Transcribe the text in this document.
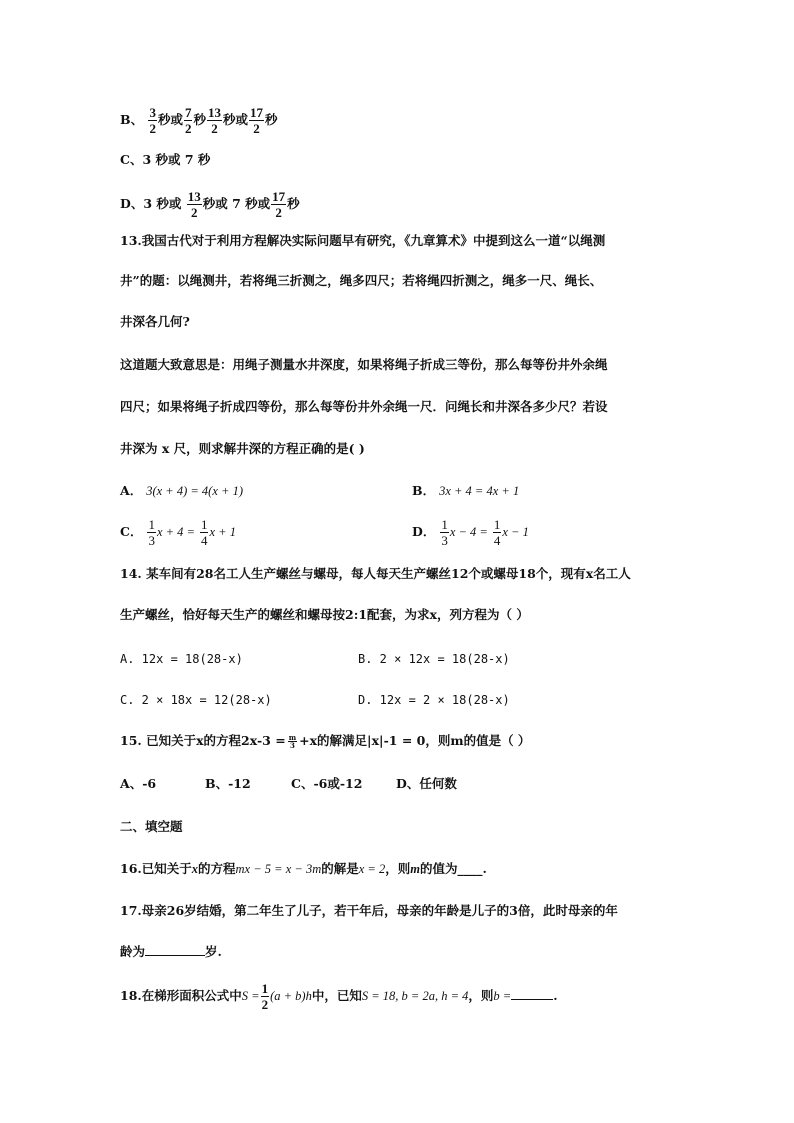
B、 $\frac{3}{2}$ 秒或 $\frac{7}{2}$ 秒 $\frac{13}{2}$ 秒或 $\frac{17}{2}$ 秒
C、3 秒或 7 秒
D、3 秒或 $\frac{13}{2}$ 秒或 7 秒或 $\frac{17}{2}$ 秒
13.我国古代对于利用方程解决实际问题早有研究，《九章算术》中提到这么一道“以绳测
井”的题：以绳测井，若将绳三折测之，绳多四尺；若将绳四折测之，绳多一尺、绳长、
井深各几何?
这道题大致意思是：用绳子测量水井深度，如果将绳子折成三等份，那么每等份井外余绳
四尺；如果将绳子折成四等份，那么每等份井外余绳一尺．问绳长和井深各多少尺？若设
井深为 x 尺，则求解井深的方程正确的是( )
A． 3(x + 4) = 4(x + 1)	B． 3x + 4 = 4x + 1
C． $\frac{1}{3}$ $x + 4 = \frac{1}{4}$ x + 1	D． $\frac{1}{3}$ $x - 4 = \frac{1}{4}$ x − 1
14. 某车间有28名工人生产螺丝与螺母，每人每天生产螺丝12个或螺母18个，现有x名工人
生产螺丝，恰好每天生产的螺丝和螺母按2:1配套，为求x，列方程为（ ）
A. 12x = 18(28-x)	B. 2 × 12x = 18(28-x)
C. 2 × 18x = 12(28-x)	D. 12x = 2 × 18(28-x)
15. 已知关于x的方程$2x-3 = \frac{m}{3} +x$的解满足|x|-1 = 0，则m的值是（ ）
A、-6	B、-12	C、-6或-12	D、任何数
二、填空题
16.已知关于x的方程mx − 5 = x − 3m的解是x = 2，则m的值为____.
17.母亲26岁结婚，第二年生了儿子，若干年后，母亲的年龄是儿子的3倍，此时母亲的年
龄为	岁.
18.在梯形面积公式中$S = \frac{1}{2} (a + b)h$中，已知S = 18, b = 2a, h = 4，则b =	.
